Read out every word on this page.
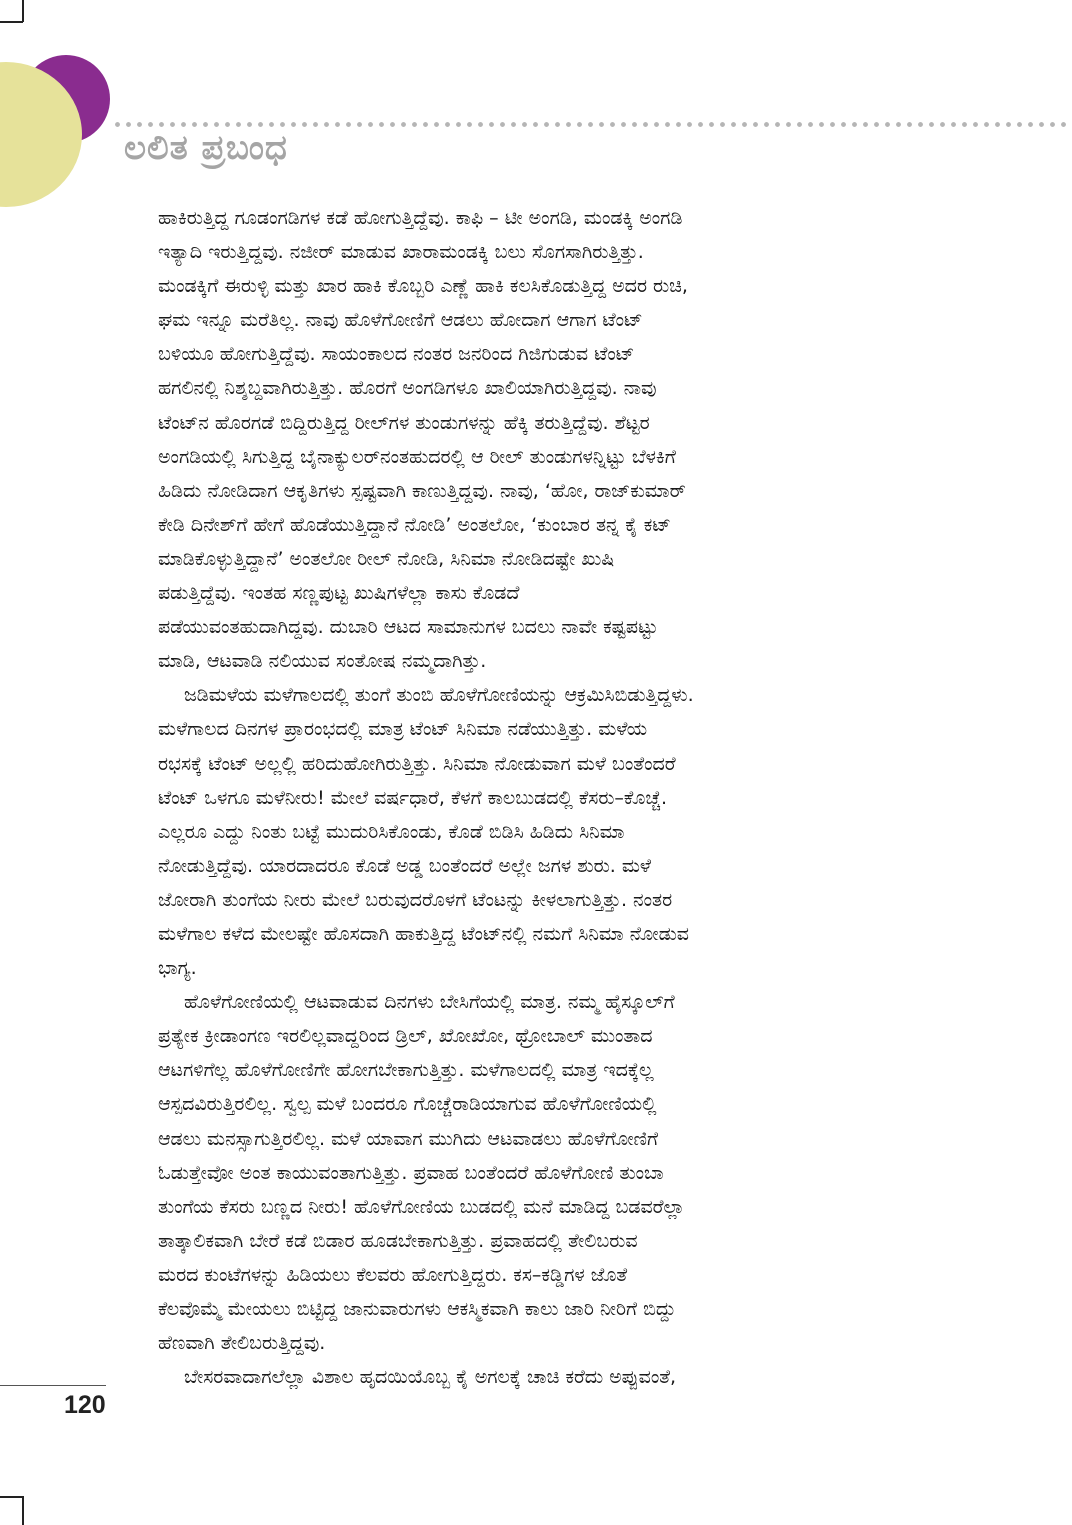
ಲಲಿತ ಪ್ರಬಂಧ
ಹಾಕಿರುತ್ತಿದ್ದ ಗೂಡಂಗಡಿಗಳ ಕಡೆ ಹೋಗುತ್ತಿದ್ದೆವು. ಕಾಫಿ – ಟೀ ಅಂಗಡಿ, ಮಂಡಕ್ಕಿ ಅಂಗಡಿ
ಇತ್ಯಾದಿ ಇರುತ್ತಿದ್ದವು. ನಜೀರ್ ಮಾಡುವ ಖಾರಾಮಂಡಕ್ಕಿ ಬಲು ಸೊಗಸಾಗಿರುತ್ತಿತ್ತು.
ಮಂಡಕ್ಕಿಗೆ ಈರುಳ್ಳಿ ಮತ್ತು ಖಾರ ಹಾಕಿ ಕೊಬ್ಬರಿ ಎಣ್ಣೆ ಹಾಕಿ ಕಲಸಿಕೊಡುತ್ತಿದ್ದ ಅದರ ರುಚಿ,
ಘಮ ಇನ್ನೂ ಮರೆತಿಲ್ಲ. ನಾವು ಹೊಳೆಗೋಣಿಗೆ ಆಡಲು ಹೋದಾಗ ಆಗಾಗ ಟೆಂಟ್
ಬಳಿಯೂ ಹೋಗುತ್ತಿದ್ದೆವು. ಸಾಯಂಕಾಲದ ನಂತರ ಜನರಿಂದ ಗಿಜಿಗುಡುವ ಟೆಂಟ್
ಹಗಲಿನಲ್ಲಿ ನಿಶ್ಶಬ್ದವಾಗಿರುತ್ತಿತ್ತು. ಹೊರಗೆ ಅಂಗಡಿಗಳೂ ಖಾಲಿಯಾಗಿರುತ್ತಿದ್ದವು. ನಾವು
ಟೆಂಟ್‌ನ ಹೊರಗಡೆ ಬಿದ್ದಿರುತ್ತಿದ್ದ ರೀಲ್‌ಗಳ ತುಂಡುಗಳನ್ನು ಹೆಕ್ಕಿ ತರುತ್ತಿದ್ದೆವು. ಶೆಟ್ಟರ
ಅಂಗಡಿಯಲ್ಲಿ ಸಿಗುತ್ತಿದ್ದ ಬೈನಾಕ್ಯುಲರ್‌ನಂತಹುದರಲ್ಲಿ ಆ ರೀಲ್ ತುಂಡುಗಳನ್ನಿಟ್ಟು ಬೆಳಕಿಗೆ
ಹಿಡಿದು ನೋಡಿದಾಗ ಆಕೃತಿಗಳು ಸ್ಪಷ್ಟವಾಗಿ ಕಾಣುತ್ತಿದ್ದವು. ನಾವು, ‘ಹೋ, ರಾಜ್‌ಕುಮಾರ್
ಕೇಡಿ ದಿನೇಶ್‌ಗೆ ಹೇಗೆ ಹೊಡೆಯುತ್ತಿದ್ದಾನೆ ನೋಡಿ’ ಅಂತಲೋ, ‘ಕುಂಬಾರ ತನ್ನ ಕೈ ಕಟ್
ಮಾಡಿಕೊಳ್ಳುತ್ತಿದ್ದಾನೆ’ ಅಂತಲೋ ರೀಲ್ ನೋಡಿ, ಸಿನಿಮಾ ನೋಡಿದಷ್ಟೇ ಖುಷಿ
ಪಡುತ್ತಿದ್ದೆವು. ಇಂತಹ ಸಣ್ಣಪುಟ್ಟ ಖುಷಿಗಳೆಲ್ಲಾ ಕಾಸು ಕೊಡದೆ
ಪಡೆಯುವಂತಹುದಾಗಿದ್ದವು. ದುಬಾರಿ ಆಟದ ಸಾಮಾನುಗಳ ಬದಲು ನಾವೇ ಕಷ್ಟಪಟ್ಟು
ಮಾಡಿ, ಆಟವಾಡಿ ನಲಿಯುವ ಸಂತೋಷ ನಮ್ಮದಾಗಿತ್ತು.
ಜಡಿಮಳೆಯ ಮಳೆಗಾಲದಲ್ಲಿ ತುಂಗೆ ತುಂಬಿ ಹೊಳೆಗೋಣಿಯನ್ನು ಆಕ್ರಮಿಸಿಬಿಡುತ್ತಿದ್ದಳು.
ಮಳೆಗಾಲದ ದಿನಗಳ ಪ್ರಾರಂಭದಲ್ಲಿ ಮಾತ್ರ ಟೆಂಟ್ ಸಿನಿಮಾ ನಡೆಯುತ್ತಿತ್ತು. ಮಳೆಯ
ರಭಸಕ್ಕೆ ಟೆಂಟ್ ಅಲ್ಲಲ್ಲಿ ಹರಿದುಹೋಗಿರುತ್ತಿತ್ತು. ಸಿನಿಮಾ ನೋಡುವಾಗ ಮಳೆ ಬಂತೆಂದರೆ
ಟೆಂಟ್ ಒಳಗೂ ಮಳೆನೀರು! ಮೇಲೆ ವರ್ಷಧಾರೆ, ಕೆಳಗೆ ಕಾಲಬುಡದಲ್ಲಿ ಕೆಸರು–ಕೊಚ್ಚೆ.
ಎಲ್ಲರೂ ಎದ್ದು ನಿಂತು ಬಟ್ಟೆ ಮುದುರಿಸಿಕೊಂಡು, ಕೊಡೆ ಬಿಡಿಸಿ ಹಿಡಿದು ಸಿನಿಮಾ
ನೋಡುತ್ತಿದ್ದೆವು. ಯಾರದಾದರೂ ಕೊಡೆ ಅಡ್ಡ ಬಂತೆಂದರೆ ಅಲ್ಲೇ ಜಗಳ ಶುರು. ಮಳೆ
ಜೋರಾಗಿ ತುಂಗೆಯ ನೀರು ಮೇಲೆ ಬರುವುದರೊಳಗೆ ಟೆಂಟನ್ನು ಕೀಳಲಾಗುತ್ತಿತ್ತು. ನಂತರ
ಮಳೆಗಾಲ ಕಳೆದ ಮೇಲಷ್ಟೇ ಹೊಸದಾಗಿ ಹಾಕುತ್ತಿದ್ದ ಟೆಂಟ್‌ನಲ್ಲಿ ನಮಗೆ ಸಿನಿಮಾ ನೋಡುವ
ಭಾಗ್ಯ.
ಹೊಳೆಗೋಣಿಯಲ್ಲಿ ಆಟವಾಡುವ ದಿನಗಳು ಬೇಸಿಗೆಯಲ್ಲಿ ಮಾತ್ರ. ನಮ್ಮ ಹೈಸ್ಕೂಲ್‌ಗೆ
ಪ್ರತ್ಯೇಕ ಕ್ರೀಡಾಂಗಣ ಇರಲಿಲ್ಲವಾದ್ದರಿಂದ ಡ್ರಿಲ್, ಖೋಖೋ, ಥ್ರೋಬಾಲ್ ಮುಂತಾದ
ಆಟಗಳಿಗೆಲ್ಲ ಹೊಳೆಗೋಣಿಗೇ ಹೋಗಬೇಕಾಗುತ್ತಿತ್ತು. ಮಳೆಗಾಲದಲ್ಲಿ ಮಾತ್ರ ಇದಕ್ಕೆಲ್ಲ
ಆಸ್ಪದವಿರುತ್ತಿರಲಿಲ್ಲ. ಸ್ವಲ್ಪ ಮಳೆ ಬಂದರೂ ಗೊಚ್ಚೆರಾಡಿಯಾಗುವ ಹೊಳೆಗೋಣಿಯಲ್ಲಿ
ಆಡಲು ಮನಸ್ಸಾಗುತ್ತಿರಲಿಲ್ಲ. ಮಳೆ ಯಾವಾಗ ಮುಗಿದು ಆಟವಾಡಲು ಹೊಳೆಗೋಣಿಗೆ
ಓಡುತ್ತೇವೋ ಅಂತ ಕಾಯುವಂತಾಗುತ್ತಿತ್ತು. ಪ್ರವಾಹ ಬಂತೆಂದರೆ ಹೊಳೆಗೋಣಿ ತುಂಬಾ
ತುಂಗೆಯ ಕೆಸರು ಬಣ್ಣದ ನೀರು! ಹೊಳೆಗೋಣಿಯ ಬುಡದಲ್ಲಿ ಮನೆ ಮಾಡಿದ್ದ ಬಡವರೆಲ್ಲಾ
ತಾತ್ಕಾಲಿಕವಾಗಿ ಬೇರೆ ಕಡೆ ಬಿಡಾರ ಹೂಡಬೇಕಾಗುತ್ತಿತ್ತು. ಪ್ರವಾಹದಲ್ಲಿ ತೇಲಿಬರುವ
ಮರದ ಕುಂಟೆಗಳನ್ನು ಹಿಡಿಯಲು ಕೆಲವರು ಹೋಗುತ್ತಿದ್ದರು. ಕಸ–ಕಡ್ಡಿಗಳ ಜೊತೆ
ಕೆಲವೊಮ್ಮೆ ಮೇಯಲು ಬಿಟ್ಟಿದ್ದ ಜಾನುವಾರುಗಳು ಆಕಸ್ಮಿಕವಾಗಿ ಕಾಲು ಜಾರಿ ನೀರಿಗೆ ಬಿದ್ದು
ಹೆಣವಾಗಿ ತೇಲಿಬರುತ್ತಿದ್ದವು.
ಬೇಸರವಾದಾಗಲೆಲ್ಲಾ ವಿಶಾಲ ಹೃದಯಿಯೊಬ್ಬ ಕೈ ಅಗಲಕ್ಕೆ ಚಾಚಿ ಕರೆದು ಅಪ್ಪುವಂತೆ,
120
